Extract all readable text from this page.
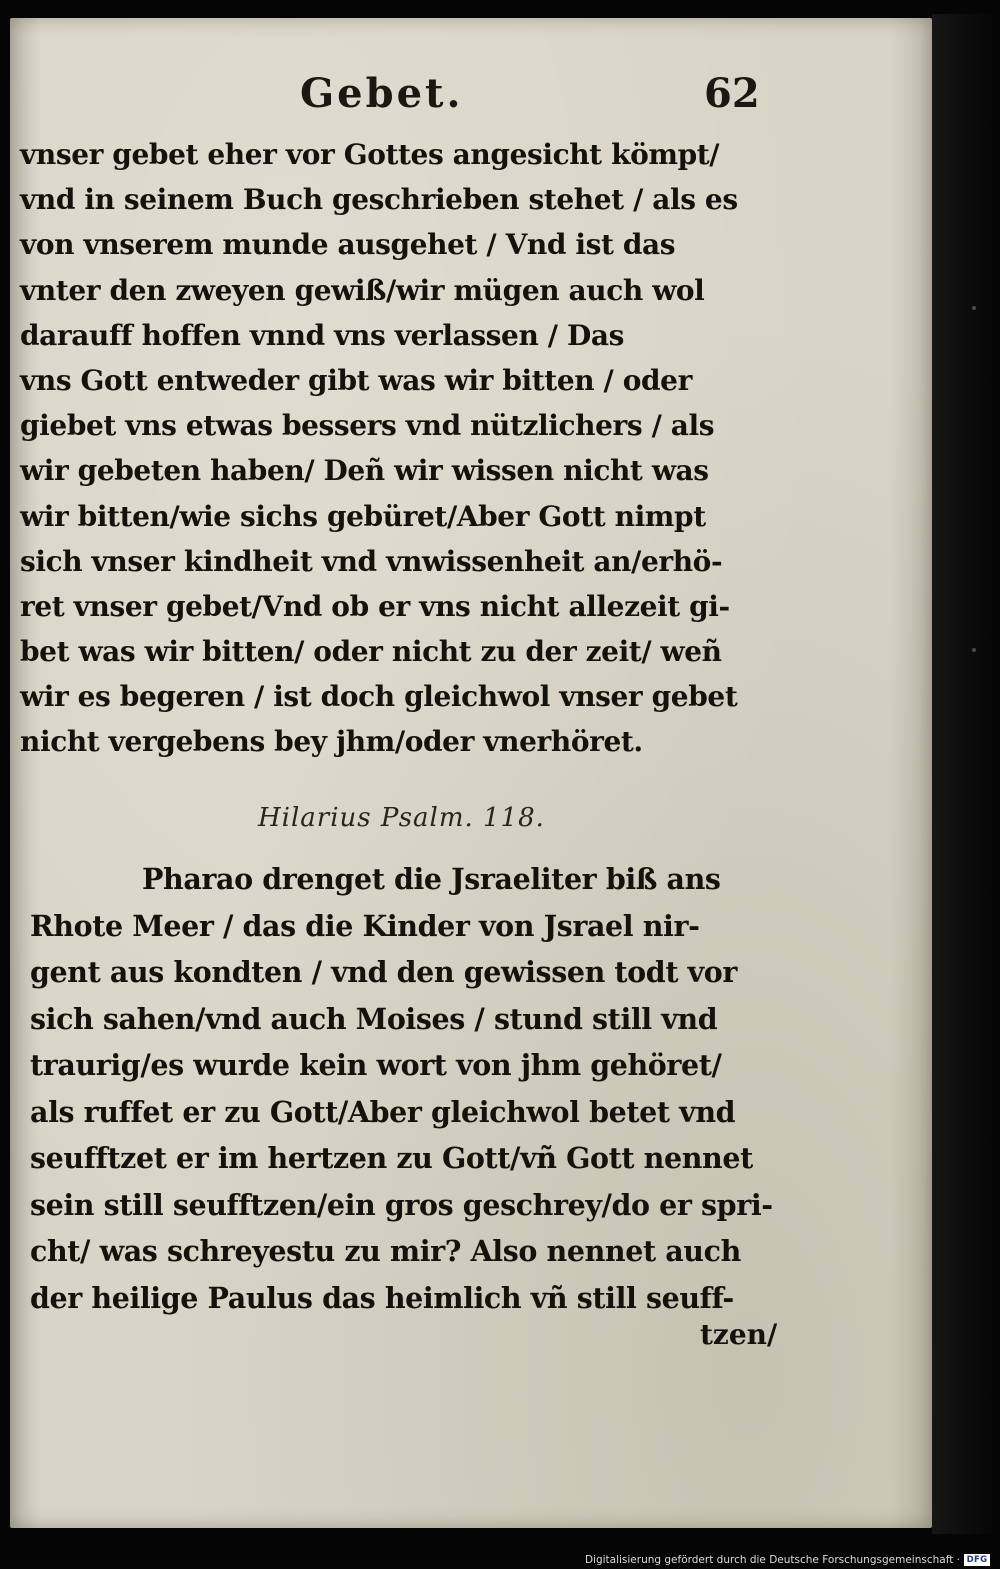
Gebet.	62
vnser gebet eher vor Gottes angesicht kömpt/
vnd in seinem Buch geschrieben stehet / als es
von vnserem munde ausgehet / Vnd ist das
vnter den zweyen gewiß/wir mügen auch wol
darauff hoffen vnnd vns verlassen / Das
vns Gott entweder gibt was wir bitten / oder
giebet vns etwas bessers vnd nützlichers / als
wir gebeten haben/ Deñ wir wissen nicht was
wir bitten/wie sichs gebüret/Aber Gott nimpt
sich vnser kindheit vnd vnwissenheit an/erhö-
ret vnser gebet/Vnd ob er vns nicht allezeit gi-
bet was wir bitten/ oder nicht zu der zeit/ weñ
wir es begeren / ist doch gleichwol vnser gebet
nicht vergebens bey jhm/oder vnerhöret.
Hilarius Psalm. 118.
Pharao drenget die Jsraeliter biß ans
Rhote Meer / das die Kinder von Jsrael nir-
gent aus kondten / vnd den gewissen todt vor
sich sahen/vnd auch Moises / stund still vnd
traurig/es wurde kein wort von jhm gehöret/
als ruffet er zu Gott/Aber gleichwol betet vnd
seufftzet er im hertzen zu Gott/vñ Gott nennet
sein still seufftzen/ein gros geschrey/do er spri-
cht/ was schreyestu zu mir? Also nennet auch
der heilige Paulus das heimlich vñ still seuff-
tzen/
Digitalisierung gefördert durch die Deutsche Forschungsgemeinschaft · DFG
